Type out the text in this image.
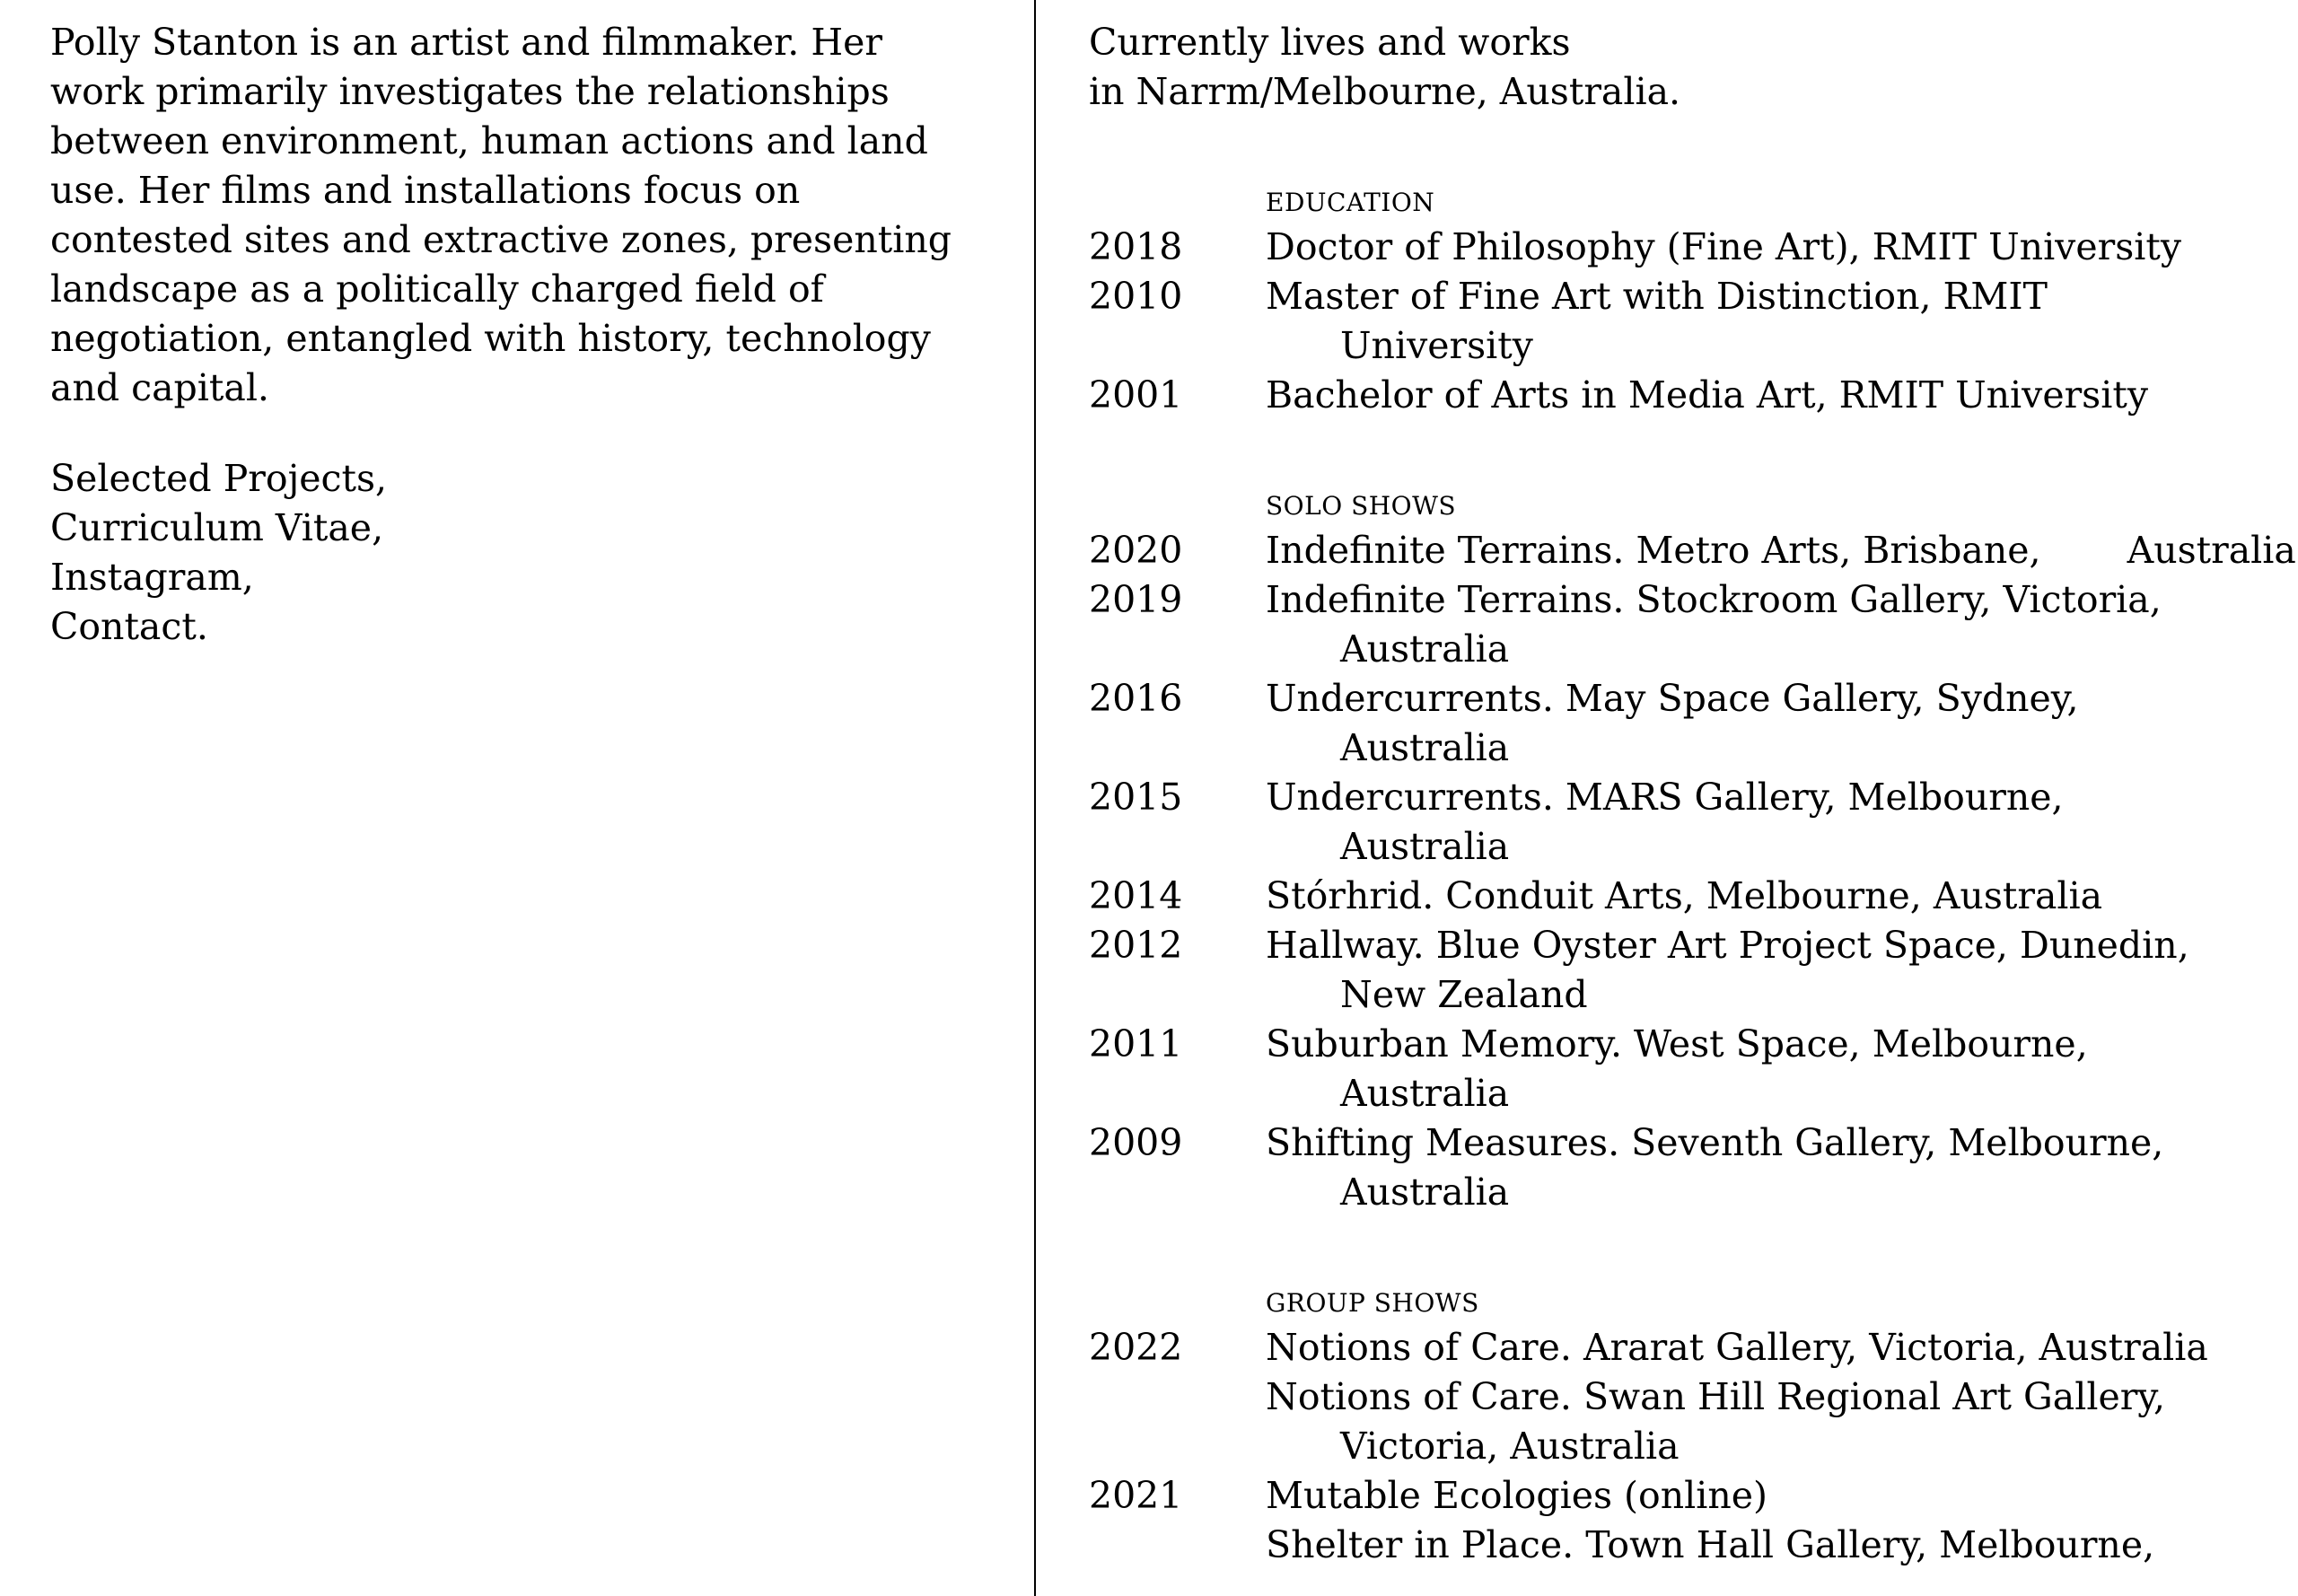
Polly Stanton is an artist and filmmaker. Her
work primarily investigates the relationships
between environment, human actions and land
use. Her films and installations focus on
contested sites and extractive zones, presenting
landscape as a politically charged field of
negotiation, entangled with history, technology
and capital.
Selected Projects,
Curriculum Vitae,
Instagram,
Contact.
Currently lives and works
in Narrm/Melbourne, Australia.
EDUCATION
2018	Doctor of Philosophy (Fine Art), RMIT University
2010	Master of Fine Art with Distinction, RMIT University
2001	Bachelor of Arts in Media Art, RMIT University
SOLO SHOWS
2020	Indefinite Terrains. Metro Arts, Brisbane, Australia
2019	Indefinite Terrains. Stockroom Gallery, Victoria, Australia
2016	Undercurrents. May Space Gallery, Sydney, Australia
2015	Undercurrents. MARS Gallery, Melbourne, Australia
2014	Stórhrid. Conduit Arts, Melbourne, Australia
2012	Hallway. Blue Oyster Art Project Space, Dunedin, New Zealand
2011	Suburban Memory. West Space, Melbourne, Australia
2009	Shifting Measures. Seventh Gallery, Melbourne, Australia
GROUP SHOWS
2022	Notions of Care. Ararat Gallery, Victoria, Australia
Notions of Care. Swan Hill Regional Art Gallery, Victoria, Australia
2021	Mutable Ecologies (online)
Shelter in Place. Town Hall Gallery, Melbourne,
